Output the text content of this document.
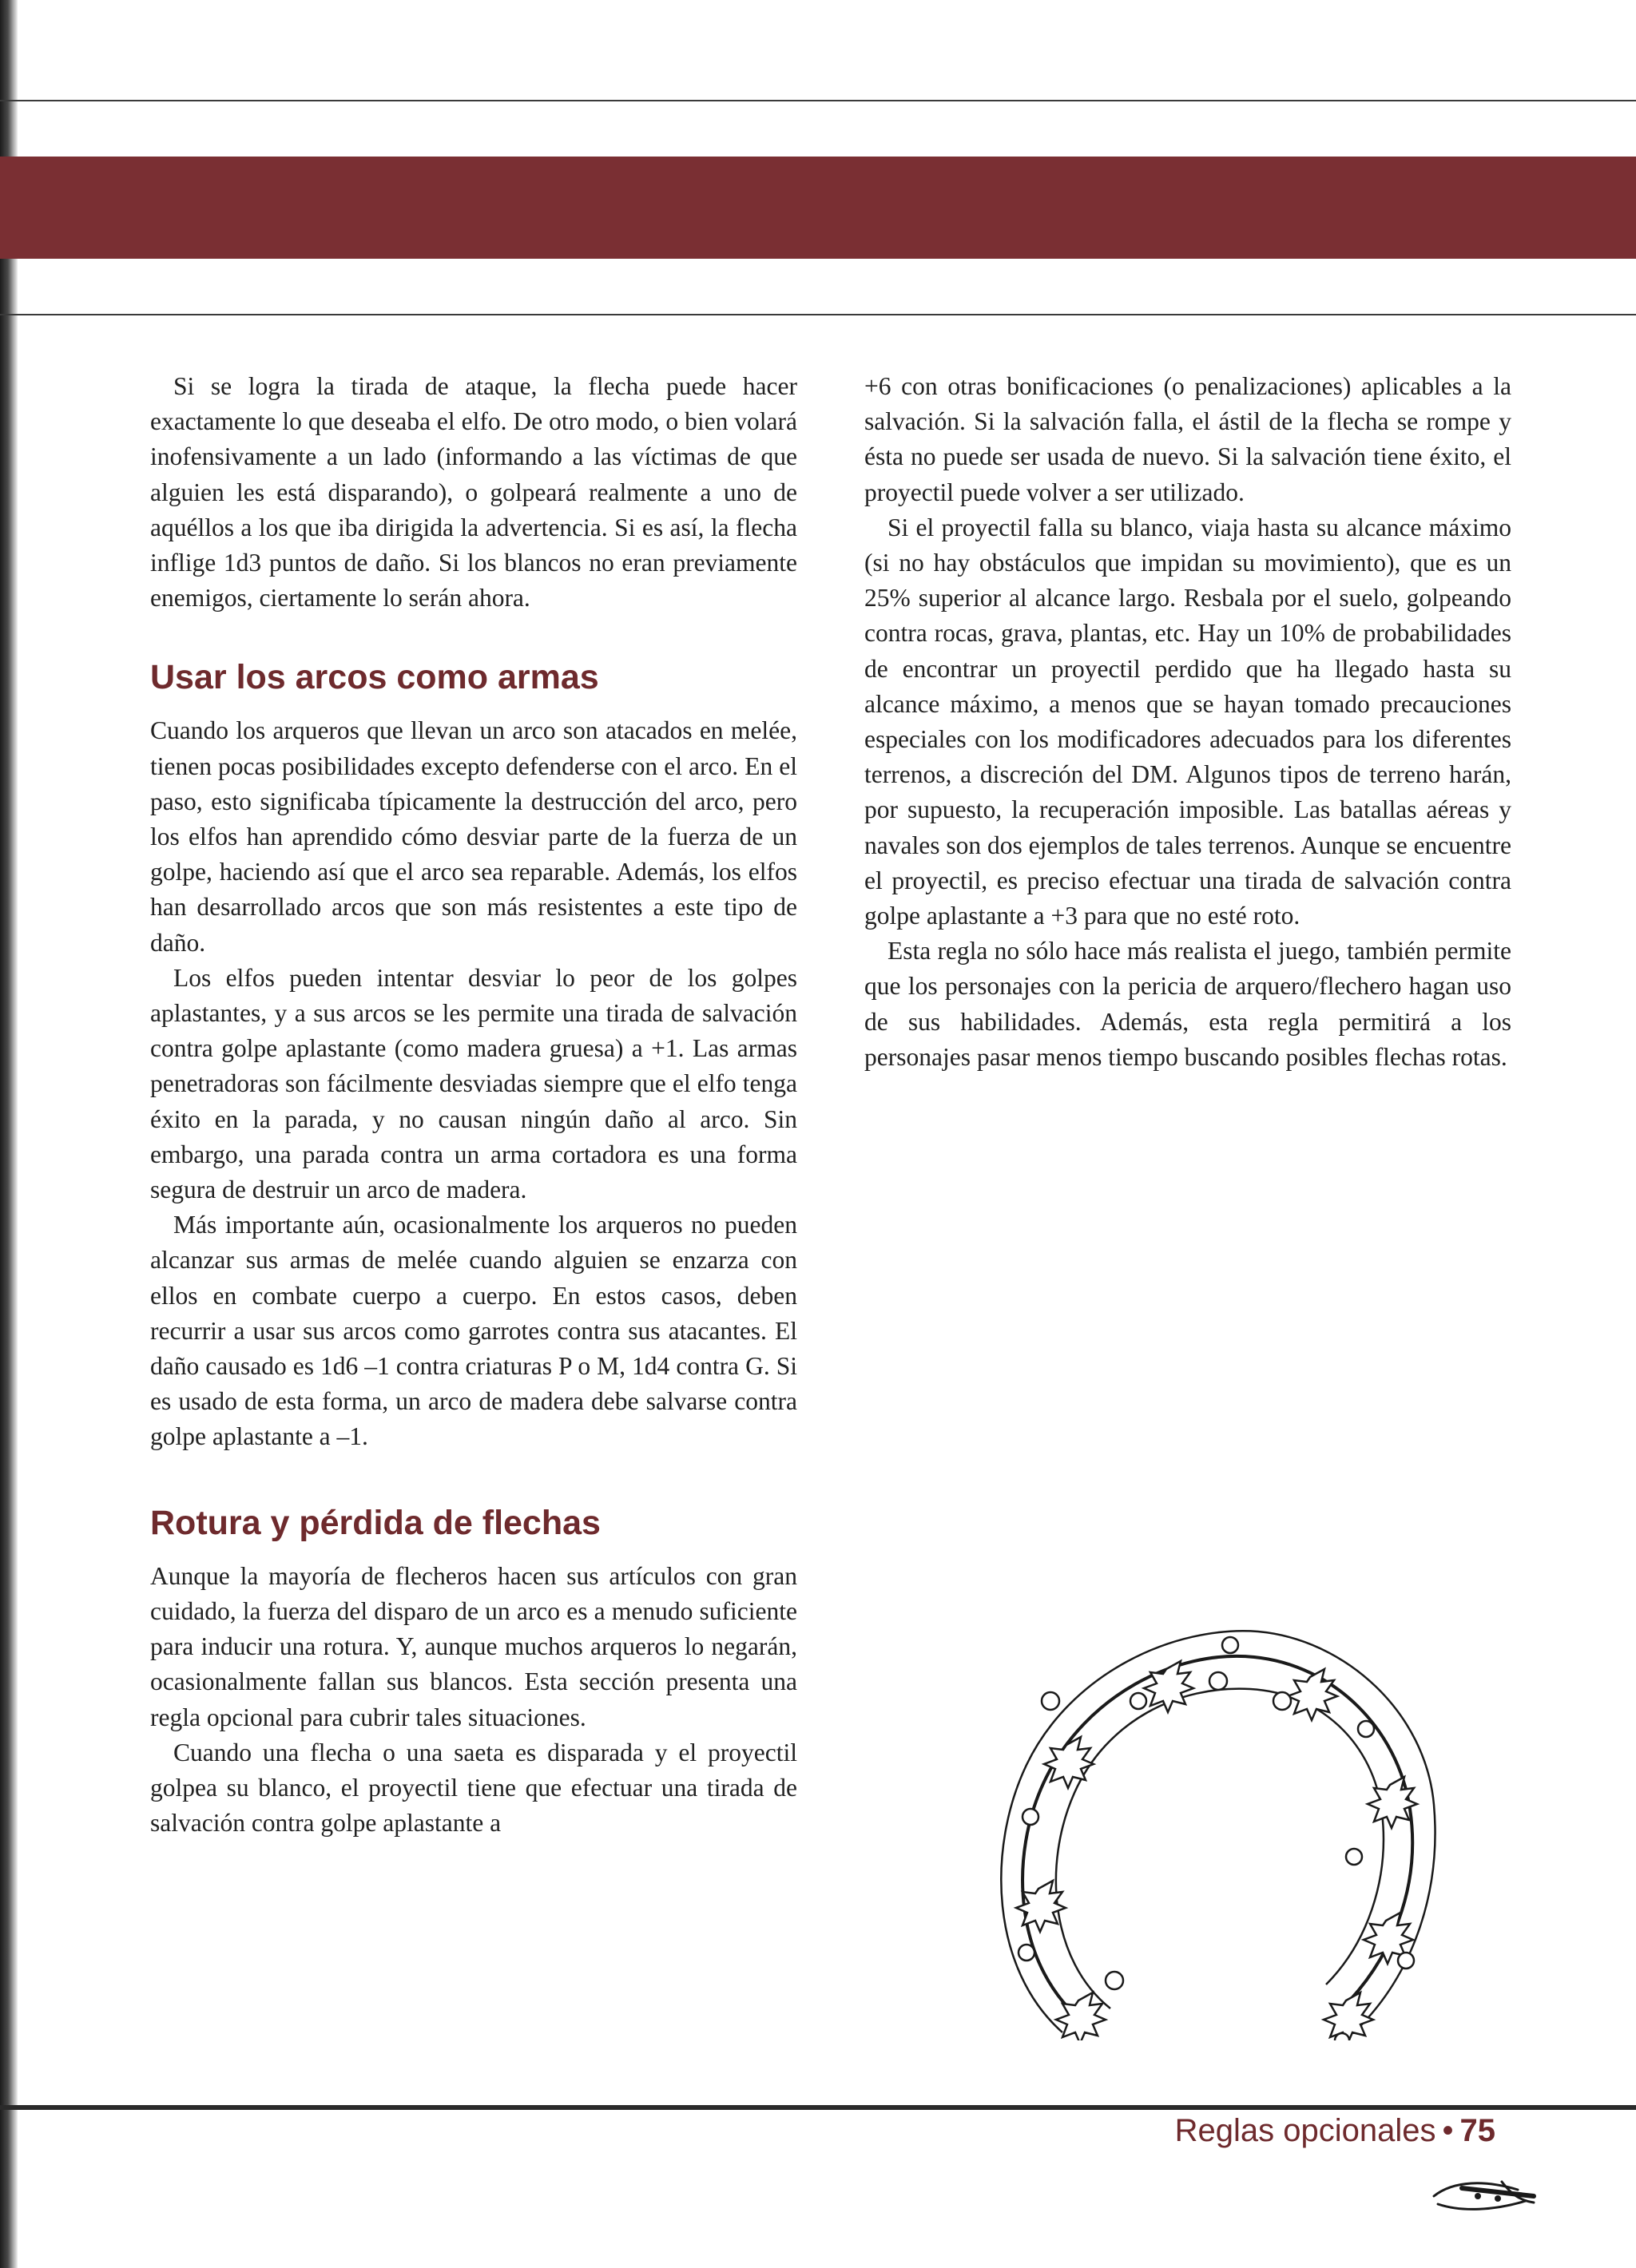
Si se logra la tirada de ataque, la flecha puede hacer exactamente lo que deseaba el elfo. De otro modo, o bien volará inofensivamente a un lado (informando a las víctimas de que alguien les está disparando), o golpeará realmente a uno de aquéllos a los que iba dirigida la advertencia. Si es así, la flecha inflige 1d3 puntos de daño. Si los blancos no eran previamente enemigos, ciertamente lo serán ahora.

Usar los arcos como armas

Cuando los arqueros que llevan un arco son atacados en melée, tienen pocas posibilidades excepto defenderse con el arco. En el paso, esto significaba típicamente la destrucción del arco, pero los elfos han aprendido cómo desviar parte de la fuerza de un golpe, haciendo así que el arco sea reparable. Además, los elfos han desarrollado arcos que son más resistentes a este tipo de daño.

Los elfos pueden intentar desviar lo peor de los golpes aplastantes, y a sus arcos se les permite una tirada de salvación contra golpe aplastante (como madera gruesa) a +1. Las armas penetradoras son fácilmente desviadas siempre que el elfo tenga éxito en la parada, y no causan ningún daño al arco. Sin embargo, una parada contra un arma cortadora es una forma segura de destruir un arco de madera.

Más importante aún, ocasionalmente los arqueros no pueden alcanzar sus armas de melée cuando alguien se enzarza con ellos en combate cuerpo a cuerpo. En estos casos, deben recurrir a usar sus arcos como garrotes contra sus atacantes. El daño causado es 1d6 –1 contra criaturas P o M, 1d4 contra G. Si es usado de esta forma, un arco de madera debe salvarse contra golpe aplastante a –1.

Rotura y pérdida de flechas

Aunque la mayoría de flecheros hacen sus artículos con gran cuidado, la fuerza del disparo de un arco es a menudo suficiente para inducir una rotura. Y, aunque muchos arqueros lo negarán, ocasionalmente fallan sus blancos. Esta sección presenta una regla opcional para cubrir tales situaciones.

Cuando una flecha o una saeta es disparada y el proyectil golpea su blanco, el proyectil tiene que efectuar una tirada de salvación contra golpe aplastante a

+6 con otras bonificaciones (o penalizaciones) aplicables a la salvación. Si la salvación falla, el ástil de la flecha se rompe y ésta no puede ser usada de nuevo. Si la salvación tiene éxito, el proyectil puede volver a ser utilizado.

Si el proyectil falla su blanco, viaja hasta su alcance máximo (si no hay obstáculos que impidan su movimiento), que es un 25% superior al alcance largo. Resbala por el suelo, golpeando contra rocas, grava, plantas, etc. Hay un 10% de probabilidades de encontrar un proyectil perdido que ha llegado hasta su alcance máximo, a menos que se hayan tomado precauciones especiales con los modificadores adecuados para los diferentes terrenos, a discreción del DM. Algunos tipos de terreno harán, por supuesto, la recuperación imposible. Las batallas aéreas y navales son dos ejemplos de tales terrenos. Aunque se encuentre el proyectil, es preciso efectuar una tirada de salvación contra golpe aplastante a +3 para que no esté roto.

Esta regla no sólo hace más realista el juego, también permite que los personajes con la pericia de arquero/flechero hagan uso de sus habilidades. Además, esta regla permitirá a los personajes pasar menos tiempo buscando posibles flechas rotas.

Reglas opcionales • 75
